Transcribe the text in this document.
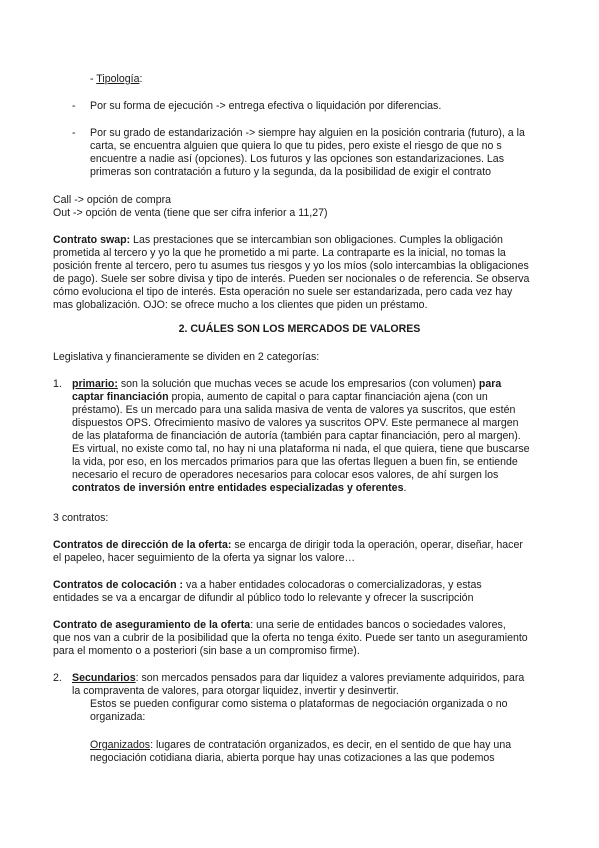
- Tipología:
- Por su forma de ejecución -> entrega efectiva o liquidación por diferencias.
- Por su grado de estandarización -> siempre hay alguien en la posición contraria (futuro), a la
carta, se encuentra alguien que quiera lo que tu pides, pero existe el riesgo de que no s
encuentre a nadie así (opciones). Los futuros y las opciones son estandarizaciones. Las
primeras son contratación a futuro y la segunda, da la posibilidad de exigir el contrato
Call -> opción de compra
Out -> opción de venta (tiene que ser cifra inferior a 11,27)
Contrato swap: Las prestaciones que se intercambian son obligaciones. Cumples la obligación
prometida al tercero y yo la que he prometido a mi parte. La contraparte es la inicial, no tomas la
posición frente al tercero, pero tu asumes tus riesgos y yo los míos (solo intercambias la obligaciones
de pago). Suele ser sobre divisa y tipo de interés. Pueden ser nocionales o de referencia. Se observa
cómo evoluciona el tipo de interés. Esta operación no suele ser estandarizada, pero cada vez hay
mas globalización. OJO: se ofrece mucho a los clientes que piden un préstamo.
2. CUÁLES SON LOS MERCADOS DE VALORES
Legislativa y financieramente se dividen en 2 categorías:
1. primario: son la solución que muchas veces se acude los empresarios (con volumen) para
captar financiación propia, aumento de capital o para captar financiación ajena (con un
préstamo). Es un mercado para una salida masiva de venta de valores ya suscritos, que estén
dispuestos OPS. Ofrecimiento masivo de valores ya suscritos OPV. Este permanece al margen
de las plataforma de financiación de autoría (también para captar financiación, pero al margen).
Es virtual, no existe como tal, no hay ni una plataforma ni nada, el que quiera, tiene que buscarse
la vida, por eso, en los mercados primarios para que las ofertas lleguen a buen fin, se entiende
necesario el recuro de operadores necesarios para colocar esos valores, de ahí surgen los
contratos de inversión entre entidades especializadas y oferentes.
3 contratos:
Contratos de dirección de la oferta: se encarga de dirigir toda la operación, operar, diseñar, hacer
el papeleo, hacer seguimiento de la oferta ya signar los valore…
Contratos de colocación : va a haber entidades colocadoras o comercializadoras, y estas
entidades se va a encargar de difundir al público todo lo relevante y ofrecer la suscripción
Contrato de aseguramiento de la oferta: una serie de entidades bancos o sociedades valores,
que nos van a cubrir de la posibilidad que la oferta no tenga éxito. Puede ser tanto un aseguramiento
para el momento o a posteriori (sin base a un compromiso firme).
2. Secundarios: son mercados pensados para dar liquidez a valores previamente adquiridos, para
la compraventa de valores, para otorgar liquidez, invertir y desinvertir.
Estos se pueden configurar como sistema o plataformas de negociación organizada o no
organizada:
Organizados: lugares de contratación organizados, es decir, en el sentido de que hay una
negociación cotidiana diaria, abierta porque hay unas cotizaciones a las que podemos
